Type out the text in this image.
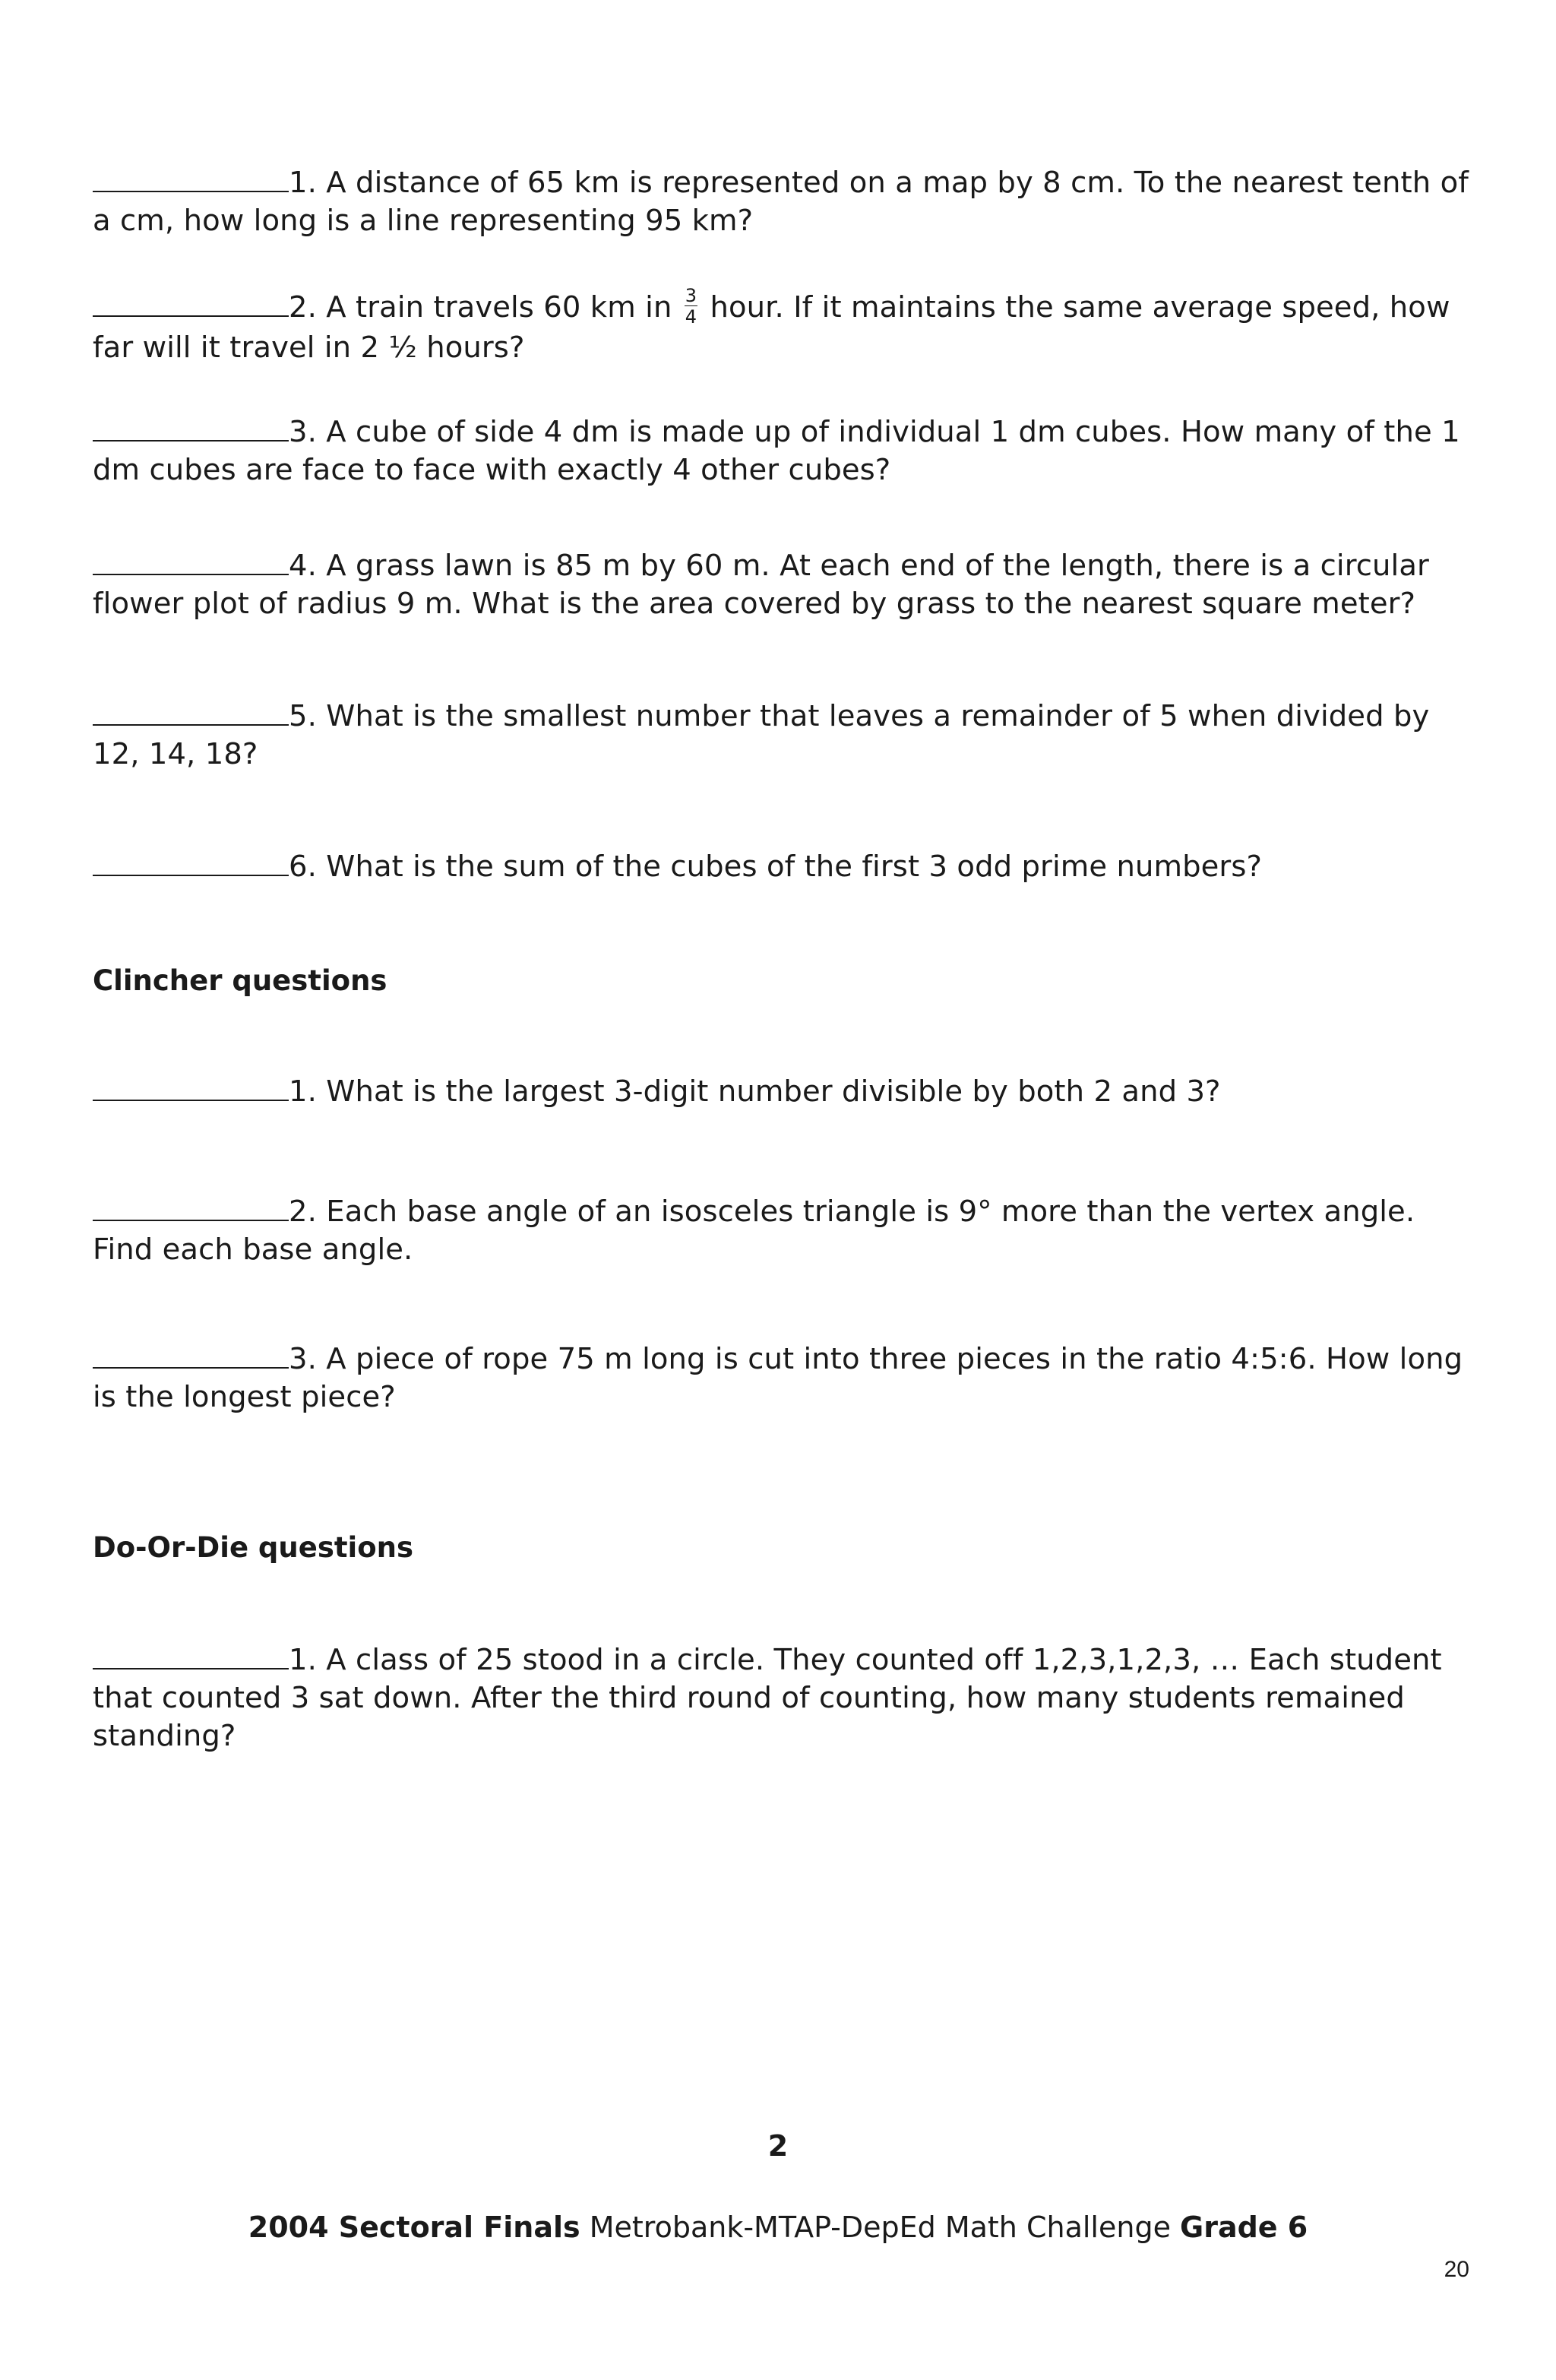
1. A distance of 65 km is represented on a map by 8 cm. To the nearest tenth of a cm, how long is a line representing 95 km?
2. A train travels 60 km in $\frac{3}{4}$ hour. If it maintains the same average speed, how far will it travel in 2 ½ hours?
3. A cube of side 4 dm is made up of individual 1 dm cubes. How many of the 1 dm cubes are face to face with exactly 4 other cubes?
4. A grass lawn is 85 m by 60 m. At each end of the length, there is a circular flower plot of radius 9 m. What is the area covered by grass to the nearest square meter?
5. What is the smallest number that leaves a remainder of 5 when divided by 12, 14, 18?
6. What is the sum of the cubes of the first 3 odd prime numbers?
Clincher questions
1. What is the largest 3-digit number divisible by both 2 and 3?
2. Each base angle of an isosceles triangle is 9° more than the vertex angle. Find each base angle.
3. A piece of rope 75 m long is cut into three pieces in the ratio 4:5:6. How long is the longest piece?
Do-Or-Die questions
1. A class of 25 stood in a circle. They counted off 1,2,3,1,2,3, … Each student that counted 3 sat down. After the third round of counting, how many students remained standing?
2
2004 Sectoral Finals Metrobank-MTAP-DepEd Math Challenge Grade 6
20
